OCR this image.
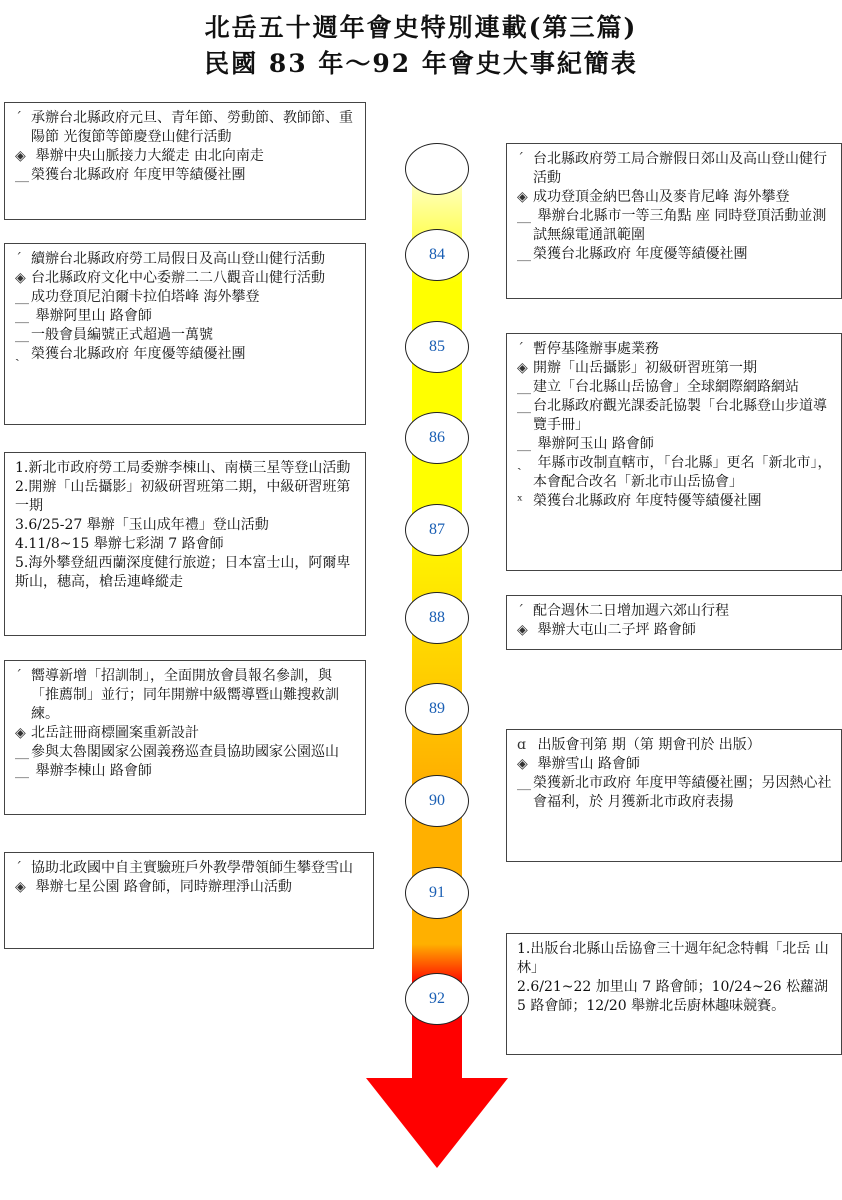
北岳五十週年會史特別連載(第三篇)
民國 83 年～92 年會史大事紀簡表
84
85
86
87
88
89
90
91
92

ˊ 承辦台北縣政府元旦、青年節、勞動節、教師節、重陽節 光復節等節慶登山健行活動

◈ 舉辦中央山脈接力大縱走 由北向南走

__ 榮獲台北縣政府 年度甲等績優社團

ˊ 續辦台北縣政府勞工局假日及高山登山健行活動

◈ 台北縣政府文化中心委辦二二八觀音山健行活動

__ 成功登頂尼泊爾卡拉伯塔峰 海外攀登

__ 舉辦阿里山 路會師

__ 一般會員編號正式超過一萬號

ˏ 榮獲台北縣政府 年度優等績優社團

1.新北市政府勞工局委辦李棟山、南橫三星等登山活動

2.開辦「山岳攝影」初級研習班第二期，中級研習班第一期

3.6/25-27 舉辦「玉山成年禮」登山活動

4.11/8~15 舉辦七彩湖 7 路會師

5.海外攀登紐西蘭深度健行旅遊；日本富士山，阿爾卑斯山，穗高，槍岳連峰縱走

ˊ 嚮導新增「招訓制」，全面開放會員報名參訓，與「推薦制」並行；同年開辦中級嚮導暨山難搜救訓練。

◈ 北岳註冊商標圖案重新設計

__ 參與太魯閣國家公園義務巡查員協助國家公園巡山

__ 舉辦李棟山 路會師

ˊ 協助北政國中自主實驗班戶外教學帶領師生攀登雪山

◈ 舉辦七星公園 路會師，同時辦理淨山活動

ˊ 台北縣政府勞工局合辦假日郊山及高山登山健行活動

◈ 成功登頂金納巴魯山及麥肯尼峰 海外攀登

__ 舉辦台北縣市一等三角點 座 同時登頂活動並測試無線電通訊範圍

__ 榮獲台北縣政府 年度優等績優社團

ˊ 暫停基隆辦事處業務

◈ 開辦「山岳攝影」初級研習班第一期

__ 建立「台北縣山岳協會」全球網際網路網站

__ 台北縣政府觀光課委託協製「台北縣登山步道導覽手冊」

__ 舉辦阿玉山 路會師

ˏ 年縣市改制直轄市，「台北縣」更名「新北市」，本會配合改名「新北市山岳協會」

ˣ 榮獲台北縣政府 年度特優等績優社團

ˊ 配合週休二日增加週六郊山行程

◈ 舉辦大屯山二子坪 路會師

ɑ 出版會刊第 期（第 期會刊於 出版）

◈ 舉辦雪山 路會師

__ 榮獲新北市政府 年度甲等績優社團；另因熱心社會福利，於 月獲新北市政府表揚

1.出版台北縣山岳協會三十週年紀念特輯「北岳 山林」

2.6/21~22 加里山 7 路會師；10/24~26 松蘿湖 5 路會師；12/20 舉辦北岳廚林趣味競賽。
